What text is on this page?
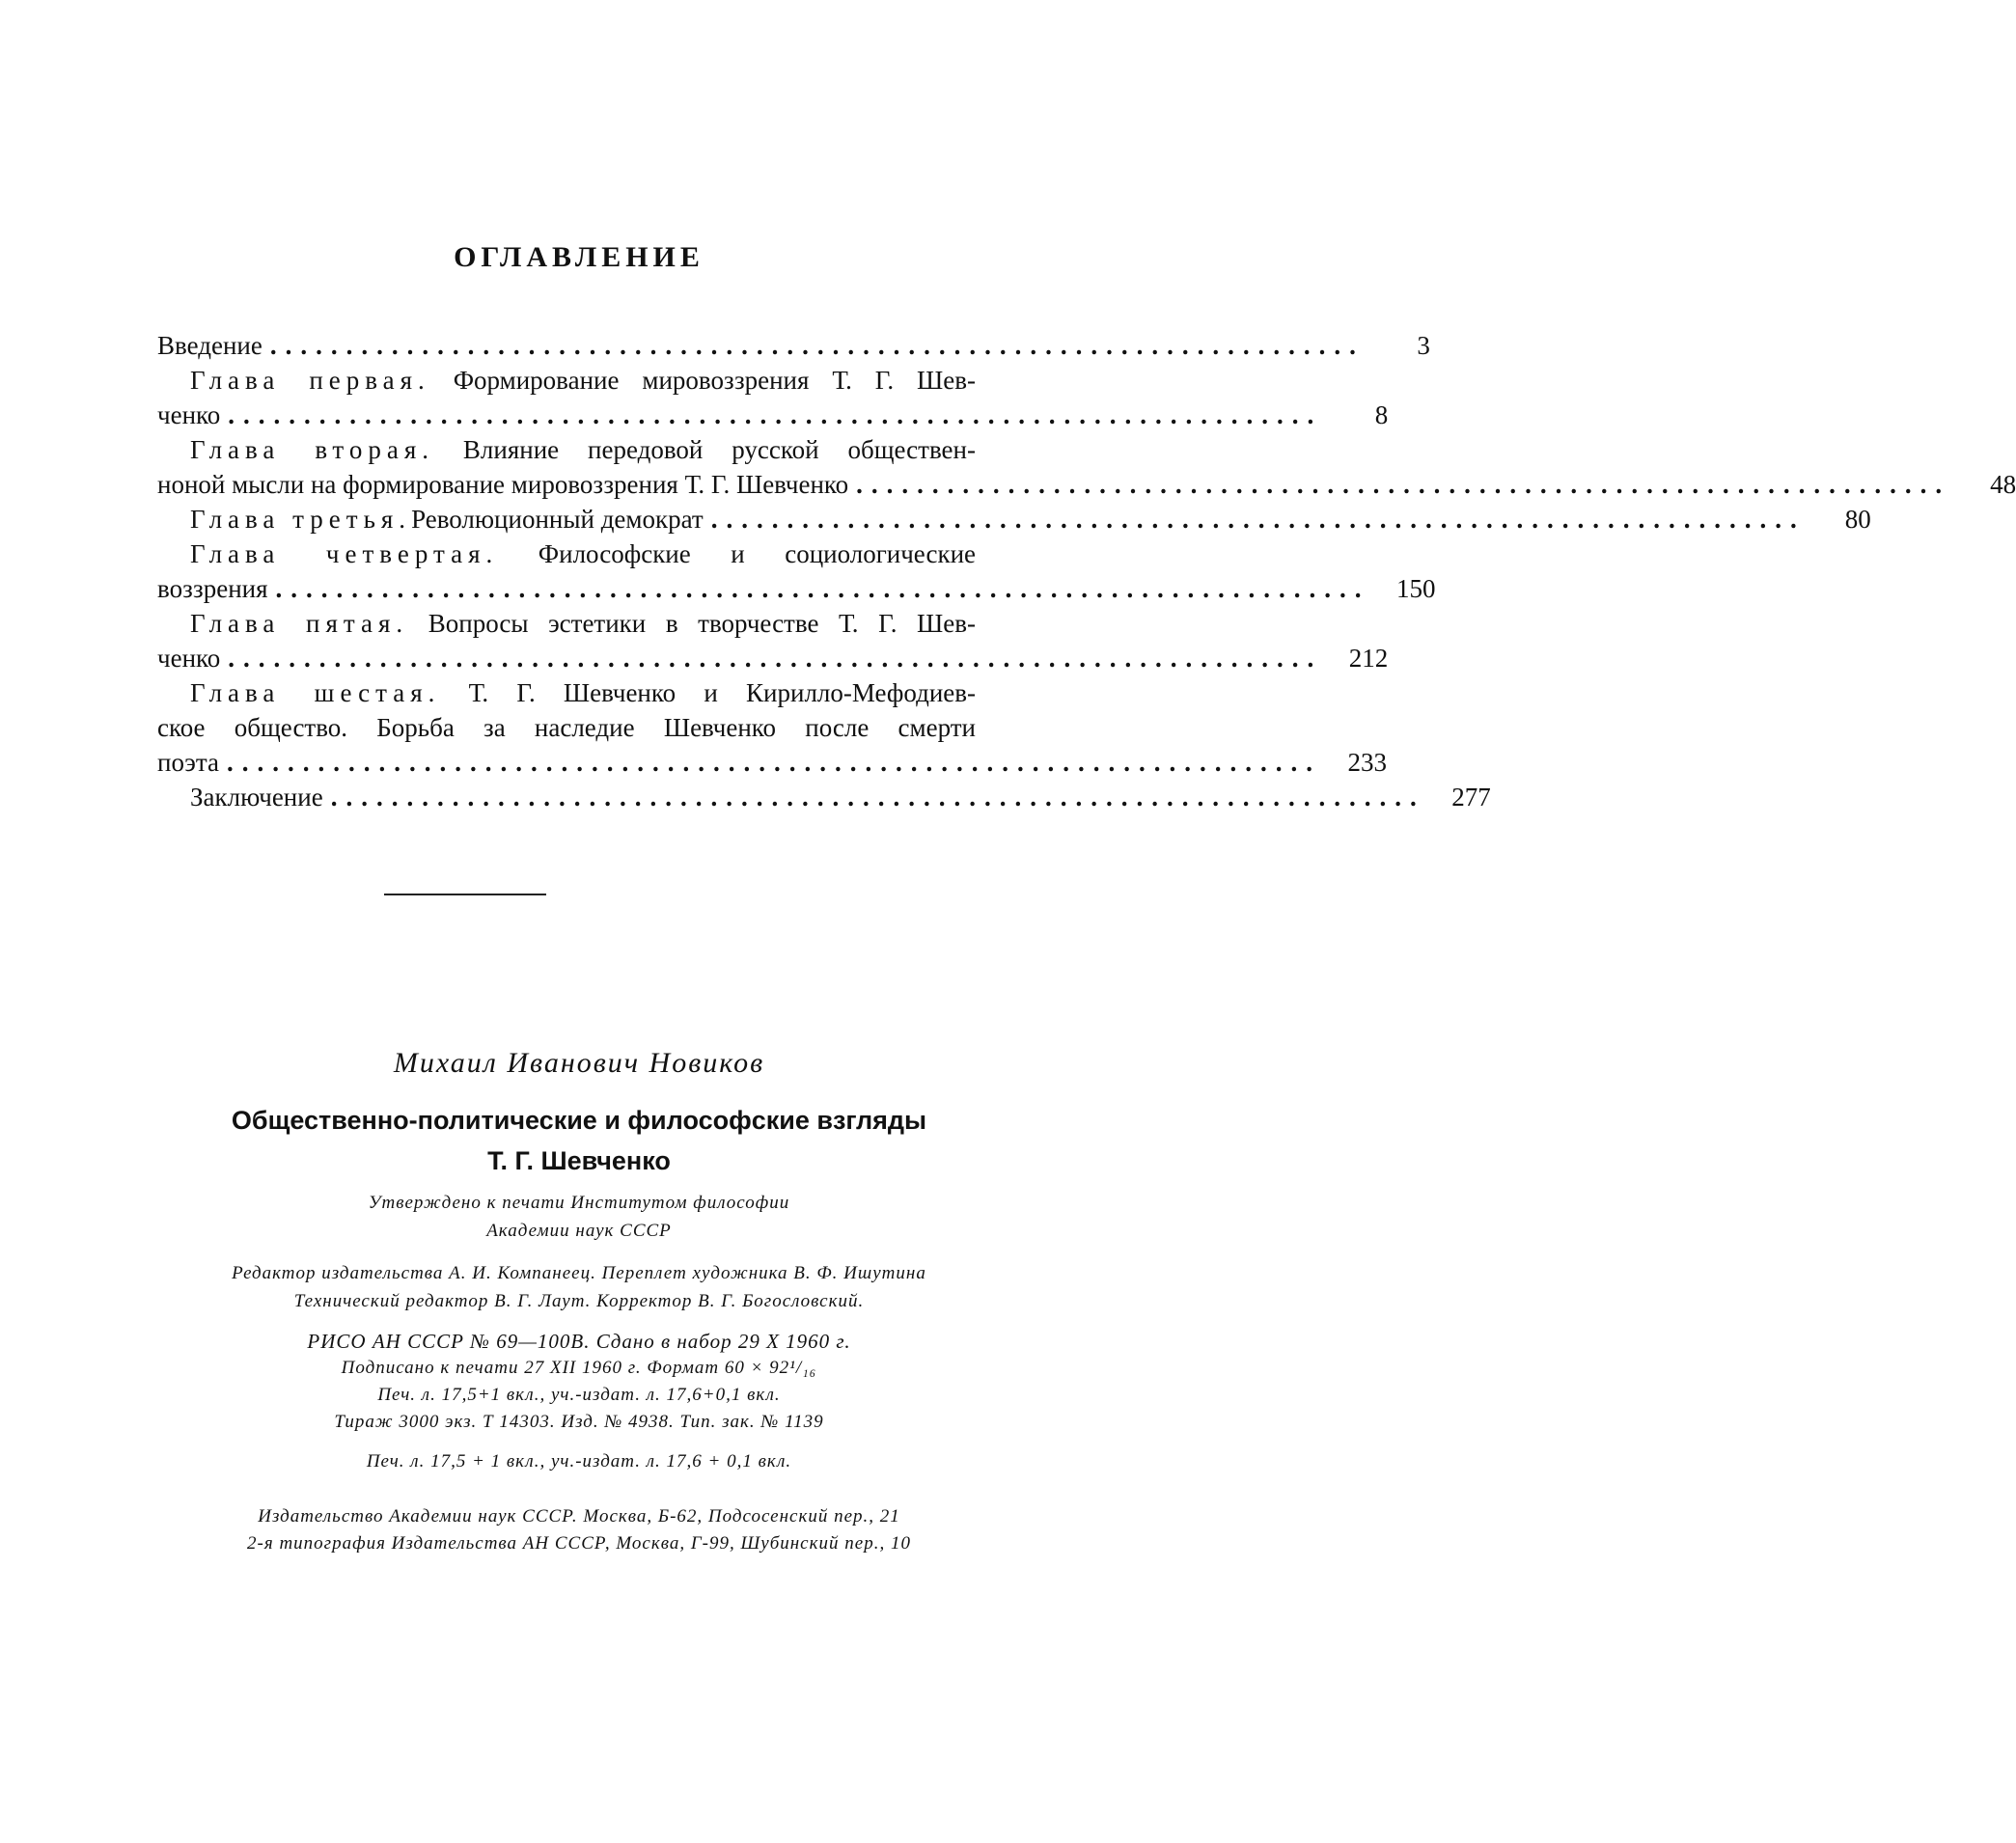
ОГЛАВЛЕНИЕ
Введение ........................................................................	3
Глава первая. Формирование мировоззрения Т. Г. Шев-
ченко ........................................................................	8
Глава вторая. Влияние передовой русской обществен-
ноной мысли на формирование мировоззрения Т. Г. Шевченко ........................................................................	48
Глава третья. Революционный демократ ........................................................................	80
Глава четвертая. Философские и социологические
воззрения ........................................................................	150
Глава пятая. Вопросы эстетики в творчестве Т. Г. Шев-
ченко ........................................................................	212
Глава шестая. Т. Г. Шевченко и Кирилло-Мефодиев-
ское общество. Борьба за наследие Шевченко после смерти
поэта ........................................................................	233
Заключение ........................................................................	277
Михаил Иванович Новиков
Общественно-политические и философские взгляды
Т. Г. Шевченко
Утверждено к печати Институтом философии
Академии наук СССР
Редактор издательства А. И. Компанеец. Переплет художника В. Ф. Ишутина
Технический редактор В. Г. Лаут. Корректор В. Г. Богословский.
РИСО АН СССР № 69—100В. Сдано в набор 29 X 1960 г.
Подписано к печати 27 XII 1960 г. Формат 60 × 92¹/₁₆
Печ. л. 17,5+1 вкл., уч.-издат. л. 17,6+0,1 вкл.
Тираж 3000 экз. Т 14303. Изд. № 4938. Тип. зак. № 1139
Печ. л. 17,5 + 1 вкл., уч.-издат. л. 17,6 + 0,1 вкл.
Издательство Академии наук СССР. Москва, Б-62, Подсосенский пер., 21
2-я типография Издательства АН СССР, Москва, Г-99, Шубинский пер., 10
